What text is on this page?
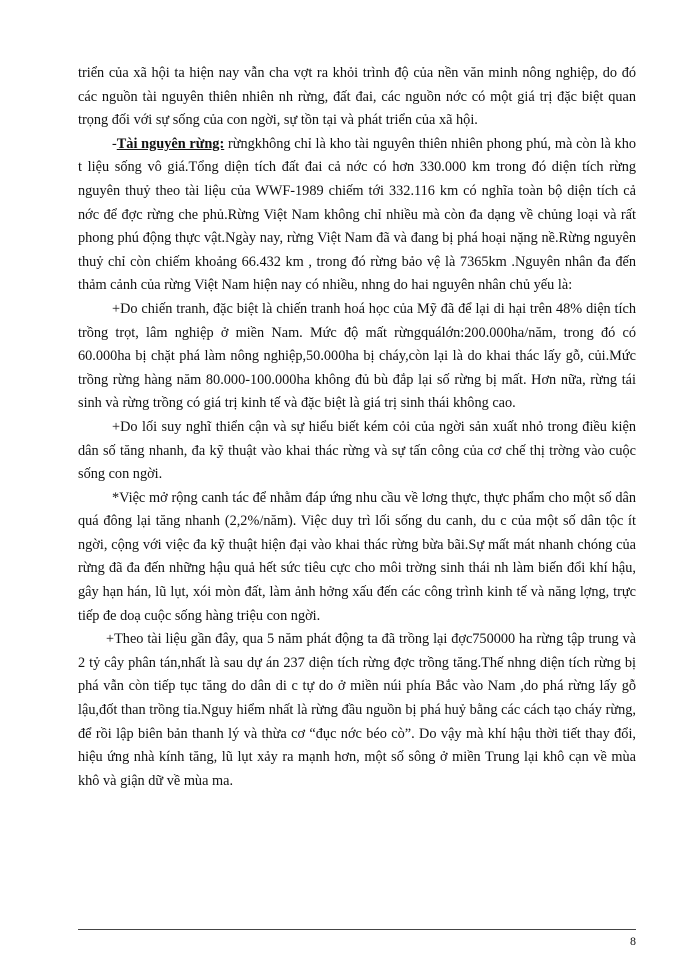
triển của xã hội ta hiện nay vẫn cha vợt ra khỏi trình độ của nền văn minh nông nghiệp, do đó các nguồn tài nguyên thiên nhiên nh rừng, đất đai, các nguồn nớc có một giá trị đặc biệt quan trọng đối với sự sống của con ngời, sự tồn tại và phát triển của xã hội.

-Tài nguyên rừng: rừngkhông chỉ là kho tài nguyên thiên nhiên phong phú, mà còn là kho t liệu sống vô giá.Tổng diện tích đất đai cả nớc có hơn 330.000 km trong đó diện tích rừng nguyên thuỷ theo tài liệu của WWF-1989 chiếm tới 332.116 km có nghĩa toàn bộ diện tích cả nớc để đợc rừng che phủ.Rừng Việt Nam không chỉ nhiều mà còn đa dạng về chủng loại và rất phong phú động thực vật.Ngày nay, rừng Việt Nam đã và đang bị phá hoại nặng nề.Rừng nguyên thuỷ chỉ còn chiếm khoảng 66.432 km , trong đó rừng bảo vệ là 7365km .Nguyên nhân đa đến thảm cảnh của rừng Việt Nam hiện nay có nhiều, nhng do hai nguyên nhân chủ yếu là:

+Do chiến tranh, đặc biệt là chiến tranh hoá học của Mỹ đã để lại di hại trên 48% diện tích trồng trọt, lâm nghiệp ở miền Nam. Mức độ mất rừngquálớn:200.000ha/năm, trong đó có 60.000ha bị chặt phá làm nông nghiệp,50.000ha bị cháy,còn lại là do khai thác lấy gỗ, củi.Mức trồng rừng hàng năm 80.000-100.000ha không đủ bù đắp lại số rừng bị mất. Hơn nữa, rừng tái sinh và rừng trồng có giá trị kinh tế và đặc biệt là giá trị sinh thái không cao.

+Do lối suy nghĩ thiển cận và sự hiểu biết kém cỏi của ngời sản xuất nhỏ trong điều kiện dân số tăng nhanh, đa kỹ thuật vào khai thác rừng và sự tấn công của cơ chế thị trờng vào cuộc sống con ngời.

*Việc mở rộng canh tác để nhằm đáp ứng nhu cầu về lơng thực, thực phẩm cho một số dân quá đông lại tăng nhanh (2,2%/năm). Việc duy trì lối sống du canh, du c của một số dân tộc ít ngời, cộng với việc đa kỹ thuật hiện đại vào khai thác rừng bừa bãi.Sự mất mát nhanh chóng của rừng đã đa đến những hậu quả hết sức tiêu cực cho môi trờng sinh thái nh làm biến đổi khí hậu, gây hạn hán, lũ lụt, xói mòn đất, làm ảnh hởng xấu đến các công trình kinh tế và năng lợng, trực tiếp đe doạ cuộc sống hàng triệu con ngời.

+Theo tài liệu gần đây, qua 5 năm phát động ta đã trồng lại đợc750000 ha rừng tập trung và 2 tỷ cây phân tán,nhất là sau dự án 237 diện tích rừng đợc trồng tăng.Thế nhng diện tích rừng bị phá vẫn còn tiếp tục tăng do dân di c tự do ở miền núi phía Bắc vào Nam ,do phá rừng lấy gỗ lậu,đốt than trồng tỉa.Nguy hiểm nhất là rừng đầu nguồn bị phá huỷ bằng các cách tạo cháy rừng, để rồi lập biên bản thanh lý và thừa cơ “đục nớc béo cò”. Do vậy mà khí hậu thời tiết thay đổi, hiệu ứng nhà kính tăng, lũ lụt xảy ra mạnh hơn, một số sông ở miền Trung lại khô cạn về mùa khô và giận dữ về mùa ma.

8
